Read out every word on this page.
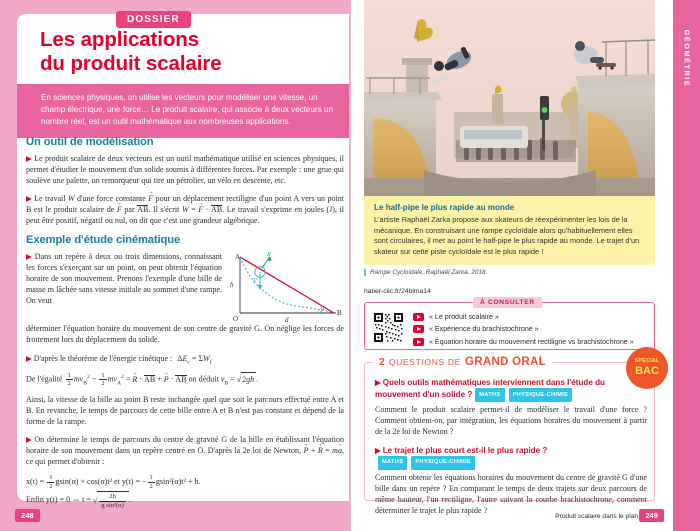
DOSSIER
Les applications
du produit scalaire
En sciences physiques, on utilise les vecteurs pour modéliser une vitesse, un champ électrique, une force… Le produit scalaire, qui associe à deux vecteurs un nombre réel, est un outil mathématique aux nombreuses applications.
Un outil de modélisation
▶ Le produit scalaire de deux vecteurs est un outil mathématique utilisé en sciences physiques, il permet d'étudier le mouvement d'un solide soumis à différentes forces. Par exemple : une grue qui soulève une palette, un remorqueur qui tire un pétrolier, un vélo en descente, etc.
▶ Le travail W d'une force constante F → pour un déplacement rectiligne d'un point A vers un point B est le produit scalaire de F → par AB. Il s'écrit W = F → · AB. Le travail s'exprime en joules (J), il peut être positif, négatif ou nul, on dit que c'est une grandeur algébrique.
Exemple d'étude cinématique
A
B
O
h
d
α
R
P
▶ Dans un repère à deux ou trois dimensions, connaissant les forces s'exerçant sur un point, on peut obtenir l'équation horaire de son mouvement. Prenons l'exemple d'une bille de masse m lâchée sans vitesse initiale au sommet d'une rampe. On veut
déterminer l'équation horaire du mouvement de son centre de gravité G. On néglige les forces de frottement lors du déplacement du solide.
▶ D'après le théorème de l'énergie cinétique : $\Delta E_c = \Sigma W_f$
De l'égalité $\frac{1}{2} mv_B^2 - \frac{1}{2} mv_A^2 = R$ → · AB + P → · AB on déduit $v_B = √2gh$ .
Ainsi, la vitesse de la bille au point B reste inchangée quel que soit le parcours effectué entre A et B. En revanche, le temps de parcours de cette bille entre A et B n'est pas constant et dépend de la forme de la rampe.
▶ On détermine le temps de parcours du centre de gravité G de la bille en établissant l'équation horaire de son mouvement dans un repère centré en O. D'après la 2e loi de Newton, P → + R → = ma →, ce qui permet d'obtenir :
$x(t) = \frac{1}{2} gsin(\alpha) \times \cos(\alpha)t^2$ et y(t) = − $\frac{1}{2} gsin^2(\alpha)t^2 + h$.
Enfin y(t) = 0 ⇔ t = √ $\frac{2h}{\text{g sin²(α)}}$ .
248
GÉOMÉTRIE
Le half-pipe le plus rapide au monde
L'artiste Raphaël Zarka propose aux skateurs de réexpérimenter les lois de la mécanique. En construisant une rampe cycloïdale alors qu'habituellement elles sont circulaires, il met au point le half-pipe le plus rapide au monde. Le trajet d'un skateur sur cette piste cycloïdale est le plus rapide !
Rampe Cycloïdale, Raphaël Zarka, 2018.
hatier-clic.fr/24blma14
À CONSULTER
« Le produit scalaire »
« Expérience du brachistochrone »
« Équation horaire du mouvement rectiligne vs brachistochrone »
2 QUESTIONS DE GRAND ORAL	SPÉCIAL
BAC
▶ Quels outils mathématiques interviennent dans l'étude du mouvement d'un solide ?	MATHS	PHYSIQUE-CHIMIE
Comment le produit scalaire permet-il de modéliser le travail d'une force ? Comment obtient-on, par intégration, les équations horaires du mouvement à partir de la 2e loi de Newton ?
▶ Le trajet le plus court est-il le plus rapide ?
MATHS	PHYSIQUE-CHIMIE
Comment obtenir les équations horaires du mouvement du centre de gravité G d'une bille dans un repère ? En comparant le temps de deux trajets sur deux parcours de même hauteur, l'un rectiligne, l'autre suivant la courbe brachistochrone, comment déterminer le trajet le plus rapide ?
Produit scalaire dans le plan 249
